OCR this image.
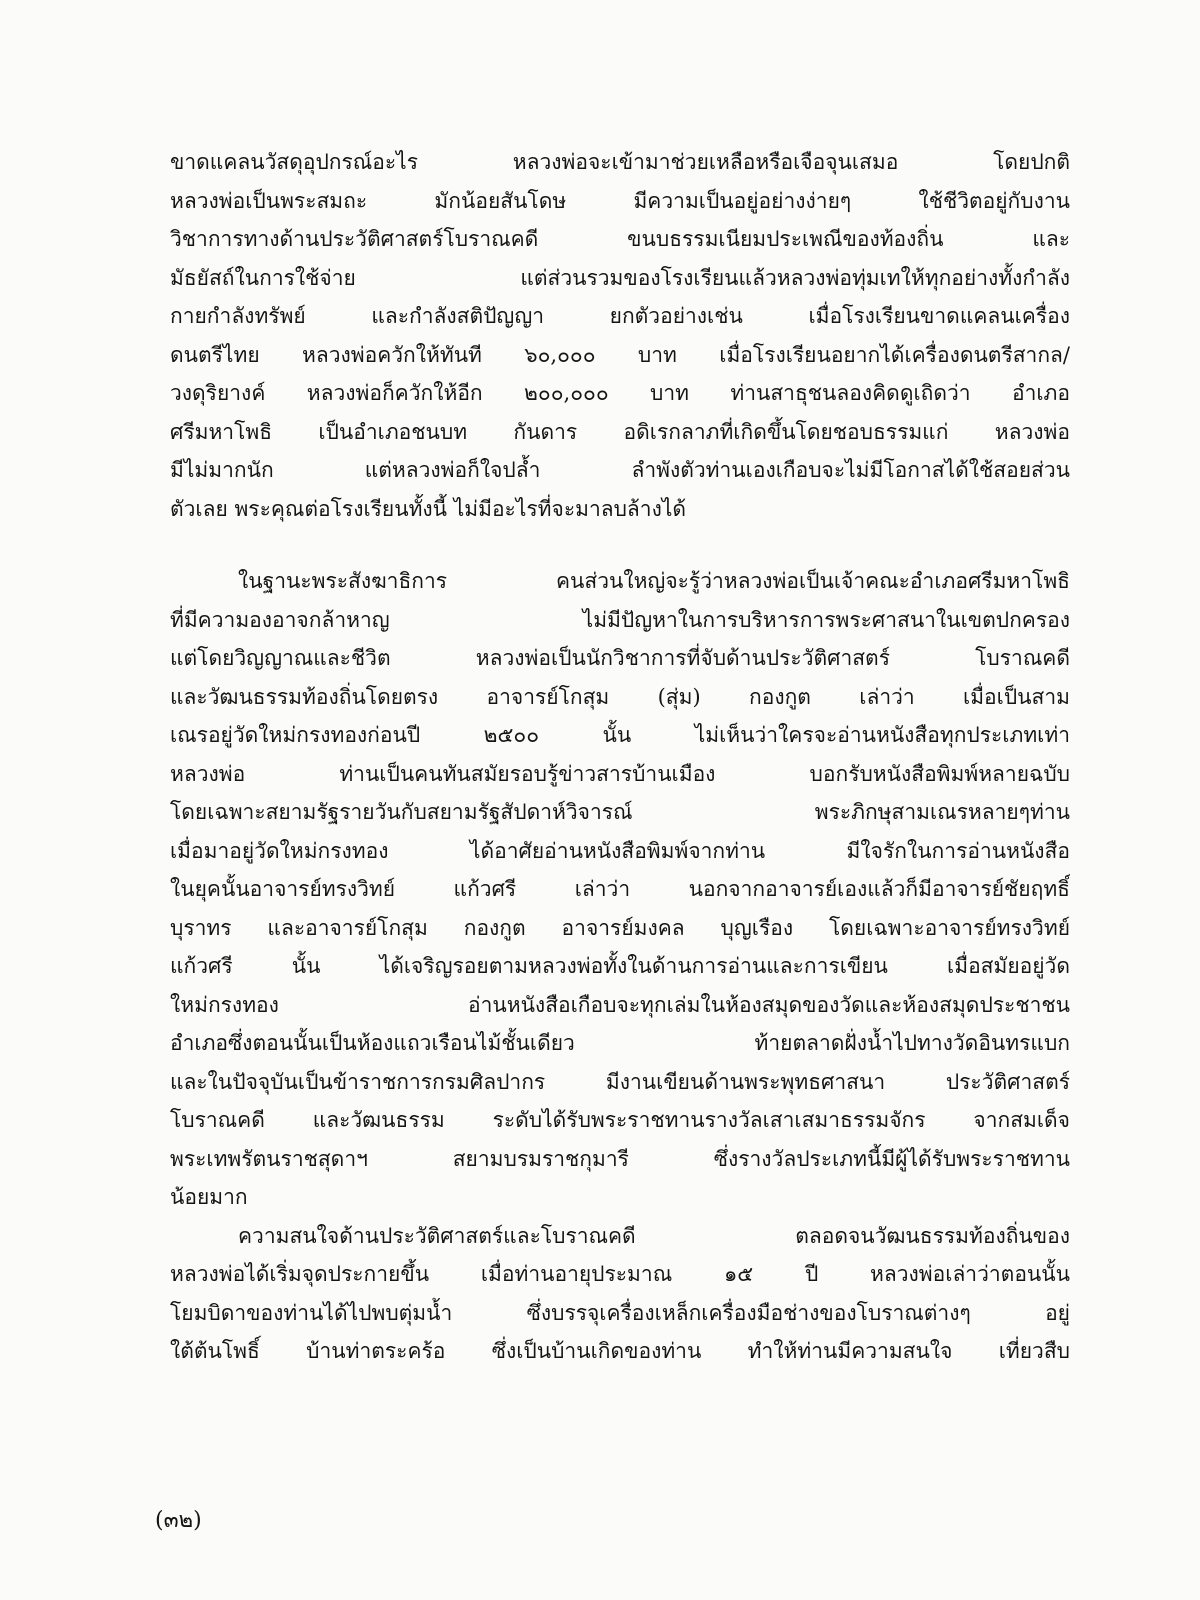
ขาดแคลนวัสดุอุปกรณ์อะไร หลวงพ่อจะเข้ามาช่วยเหลือหรือเจือจุนเสมอ โดยปกติ
หลวงพ่อเป็นพระสมถะ มักน้อยสันโดษ มีความเป็นอยู่อย่างง่ายๆ ใช้ชีวิตอยู่กับงาน
วิชาการทางด้านประวัติศาสตร์โบราณคดี ขนบธรรมเนียมประเพณีของท้องถิ่น และ
มัธยัสถ์ในการใช้จ่าย แต่ส่วนรวมของโรงเรียนแล้วหลวงพ่อทุ่มเทให้ทุกอย่างทั้งกำลัง
กายกำลังทรัพย์ และกำลังสติปัญญา ยกตัวอย่างเช่น เมื่อโรงเรียนขาดแคลนเครื่อง
ดนตรีไทย หลวงพ่อควักให้ทันที ๖๐,๐๐๐ บาท เมื่อโรงเรียนอยากได้เครื่องดนตรีสากล/
วงดุริยางค์ หลวงพ่อก็ควักให้อีก ๒๐๐,๐๐๐ บาท ท่านสาธุชนลองคิดดูเถิดว่า อำเภอ
ศรีมหาโพธิ เป็นอำเภอชนบท กันดาร อดิเรกลาภที่เกิดขึ้นโดยชอบธรรมแก่ หลวงพ่อ
มีไม่มากนัก แต่หลวงพ่อก็ใจปล้ำ ลำพังตัวท่านเองเกือบจะไม่มีโอกาสได้ใช้สอยส่วน
ตัวเลย พระคุณต่อโรงเรียนทั้งนี้ ไม่มีอะไรที่จะมาลบล้างได้
ในฐานะพระสังฆาธิการ คนส่วนใหญ่จะรู้ว่าหลวงพ่อเป็นเจ้าคณะอำเภอศรีมหาโพธิ
ที่มีความองอาจกล้าหาญ ไม่มีปัญหาในการบริหารการพระศาสนาในเขตปกครอง
แต่โดยวิญญาณและชีวิต หลวงพ่อเป็นนักวิชาการที่จับด้านประวัติศาสตร์ โบราณคดี
และวัฒนธรรมท้องถิ่นโดยตรง อาจารย์โกสุม (สุ่ม) กองกูต เล่าว่า เมื่อเป็นสาม
เณรอยู่วัดใหม่กรงทองก่อนปี ๒๕๐๐ นั้น ไม่เห็นว่าใครจะอ่านหนังสือทุกประเภทเท่า
หลวงพ่อ ท่านเป็นคนทันสมัยรอบรู้ข่าวสารบ้านเมือง บอกรับหนังสือพิมพ์หลายฉบับ
โดยเฉพาะสยามรัฐรายวันกับสยามรัฐสัปดาห์วิจารณ์ พระภิกษุสามเณรหลายๆท่าน
เมื่อมาอยู่วัดใหม่กรงทอง ได้อาศัยอ่านหนังสือพิมพ์จากท่าน มีใจรักในการอ่านหนังสือ
ในยุคนั้นอาจารย์ทรงวิทย์ แก้วศรี เล่าว่า นอกจากอาจารย์เองแล้วก็มีอาจารย์ชัยฤทธิ์
บุราทร และอาจารย์โกสุม กองกูต อาจารย์มงคล บุญเรือง โดยเฉพาะอาจารย์ทรงวิทย์
แก้วศรี นั้น ได้เจริญรอยตามหลวงพ่อทั้งในด้านการอ่านและการเขียน เมื่อสมัยอยู่วัด
ใหม่กรงทอง อ่านหนังสือเกือบจะทุกเล่มในห้องสมุดของวัดและห้องสมุดประชาชน
อำเภอซึ่งตอนนั้นเป็นห้องแถวเรือนไม้ชั้นเดียว ท้ายตลาดฝั่งน้ำไปทางวัดอินทรแบก
และในปัจจุบันเป็นข้าราชการกรมศิลปากร มีงานเขียนด้านพระพุทธศาสนา ประวัติศาสตร์
โบราณคดี และวัฒนธรรม ระดับได้รับพระราชทานรางวัลเสาเสมาธรรมจักร จากสมเด็จ
พระเทพรัตนราชสุดาฯ สยามบรมราชกุมารี ซึ่งรางวัลประเภทนี้มีผู้ได้รับพระราชทาน
น้อยมาก
ความสนใจด้านประวัติศาสตร์และโบราณคดี ตลอดจนวัฒนธรรมท้องถิ่นของ
หลวงพ่อได้เริ่มจุดประกายขึ้น เมื่อท่านอายุประมาณ ๑๕ ปี หลวงพ่อเล่าว่าตอนนั้น
โยมบิดาของท่านได้ไปพบตุ่มน้ำ ซึ่งบรรจุเครื่องเหล็กเครื่องมือช่างของโบราณต่างๆ อยู่
ใต้ต้นโพธิ์ บ้านท่าตระคร้อ ซึ่งเป็นบ้านเกิดของท่าน ทำให้ท่านมีความสนใจ เที่ยวสืบ
(๓๒)
